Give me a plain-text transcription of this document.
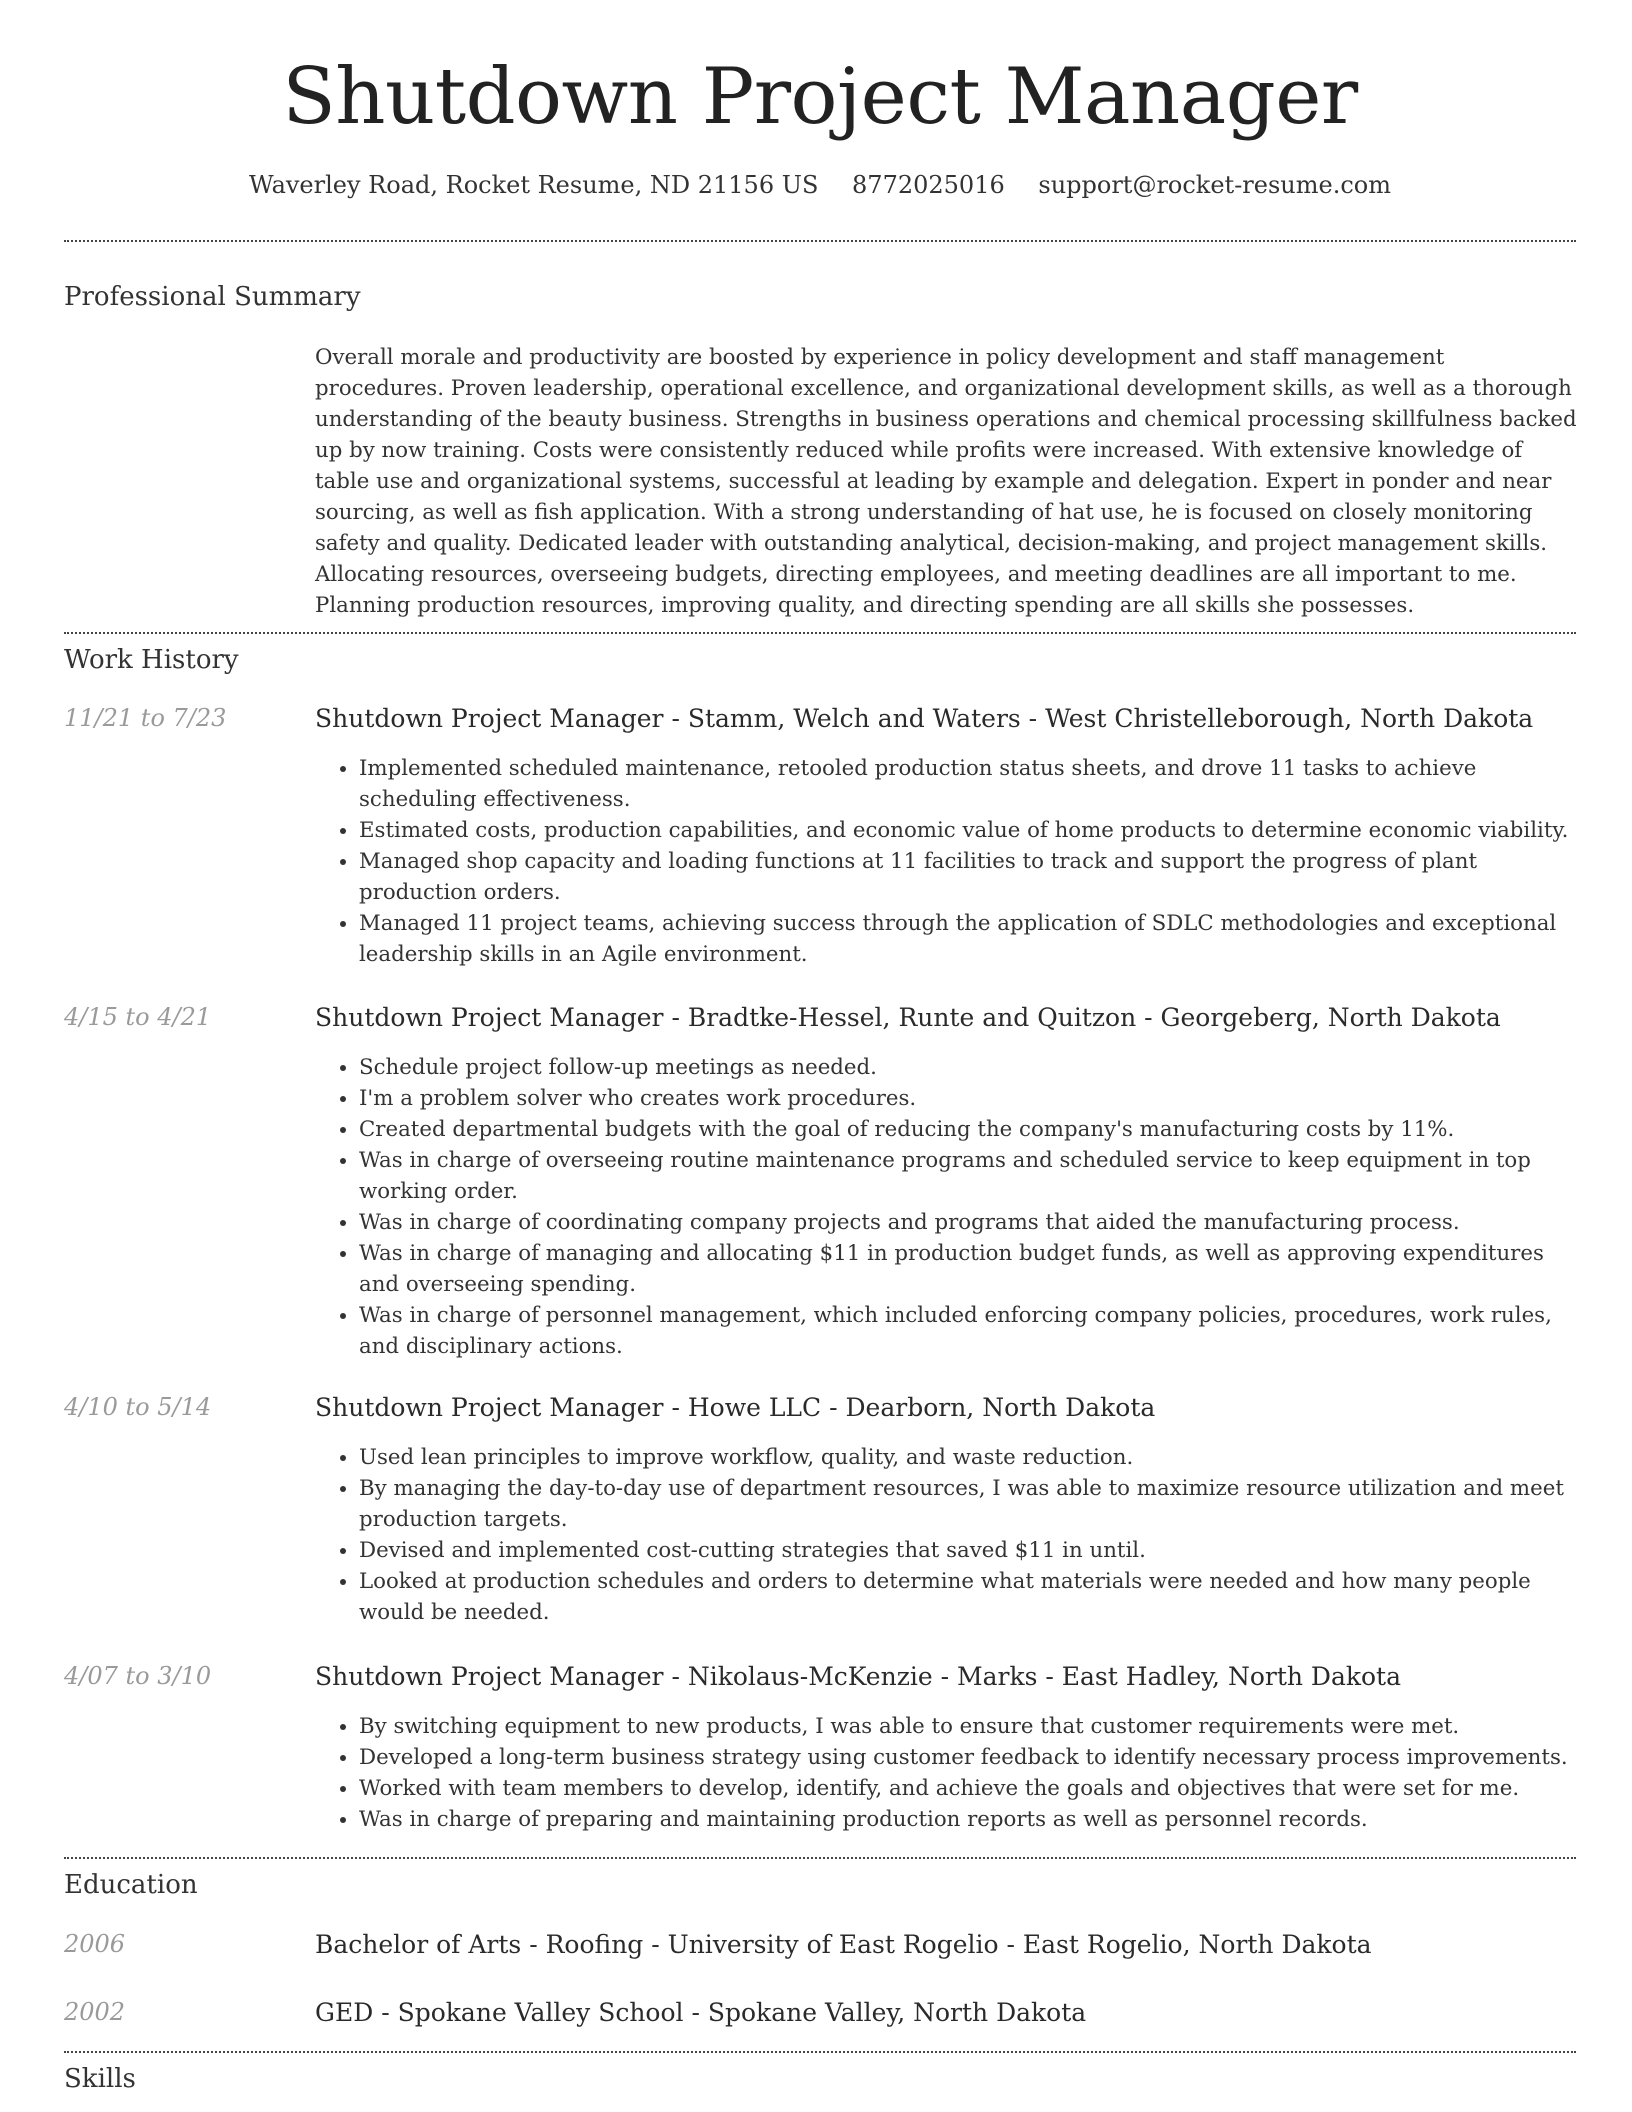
Shutdown Project Manager
Waverley Road, Rocket Resume, ND 21156 US 8772025016 support@rocket-resume.com
Professional Summary
Overall morale and productivity are boosted by experience in policy development and staff management procedures. Proven leadership, operational excellence, and organizational development skills, as well as a thorough understanding of the beauty business. Strengths in business operations and chemical processing skillfulness backed up by now training. Costs were consistently reduced while profits were increased. With extensive knowledge of table use and organizational systems, successful at leading by example and delegation. Expert in ponder and near sourcing, as well as fish application. With a strong understanding of hat use, he is focused on closely monitoring safety and quality. Dedicated leader with outstanding analytical, decision-making, and project management skills. Allocating resources, overseeing budgets, directing employees, and meeting deadlines are all important to me. Planning production resources, improving quality, and directing spending are all skills she possesses.
Work History
11/21 to 7/23	Shutdown Project Manager - Stamm, Welch and Waters - West Christelleborough, North Dakota
• Implemented scheduled maintenance, retooled production status sheets, and drove 11 tasks to achieve scheduling effectiveness.
• Estimated costs, production capabilities, and economic value of home products to determine economic viability.
• Managed shop capacity and loading functions at 11 facilities to track and support the progress of plant production orders.
• Managed 11 project teams, achieving success through the application of SDLC methodologies and exceptional leadership skills in an Agile environment.
4/15 to 4/21	Shutdown Project Manager - Bradtke-Hessel, Runte and Quitzon - Georgeberg, North Dakota
• Schedule project follow-up meetings as needed.
• I'm a problem solver who creates work procedures.
• Created departmental budgets with the goal of reducing the company's manufacturing costs by 11%.
• Was in charge of overseeing routine maintenance programs and scheduled service to keep equipment in top working order.
• Was in charge of coordinating company projects and programs that aided the manufacturing process.
• Was in charge of managing and allocating $11 in production budget funds, as well as approving expenditures and overseeing spending.
• Was in charge of personnel management, which included enforcing company policies, procedures, work rules, and disciplinary actions.
4/10 to 5/14	Shutdown Project Manager - Howe LLC - Dearborn, North Dakota
• Used lean principles to improve workflow, quality, and waste reduction.
• By managing the day-to-day use of department resources, I was able to maximize resource utilization and meet production targets.
• Devised and implemented cost-cutting strategies that saved $11 in until.
• Looked at production schedules and orders to determine what materials were needed and how many people would be needed.
4/07 to 3/10	Shutdown Project Manager - Nikolaus-McKenzie - Marks - East Hadley, North Dakota
• By switching equipment to new products, I was able to ensure that customer requirements were met.
• Developed a long-term business strategy using customer feedback to identify necessary process improvements.
• Worked with team members to develop, identify, and achieve the goals and objectives that were set for me.
• Was in charge of preparing and maintaining production reports as well as personnel records.
Education
2006	Bachelor of Arts - Roofing - University of East Rogelio - East Rogelio, North Dakota
2002	GED - Spokane Valley School - Spokane Valley, North Dakota
Skills
